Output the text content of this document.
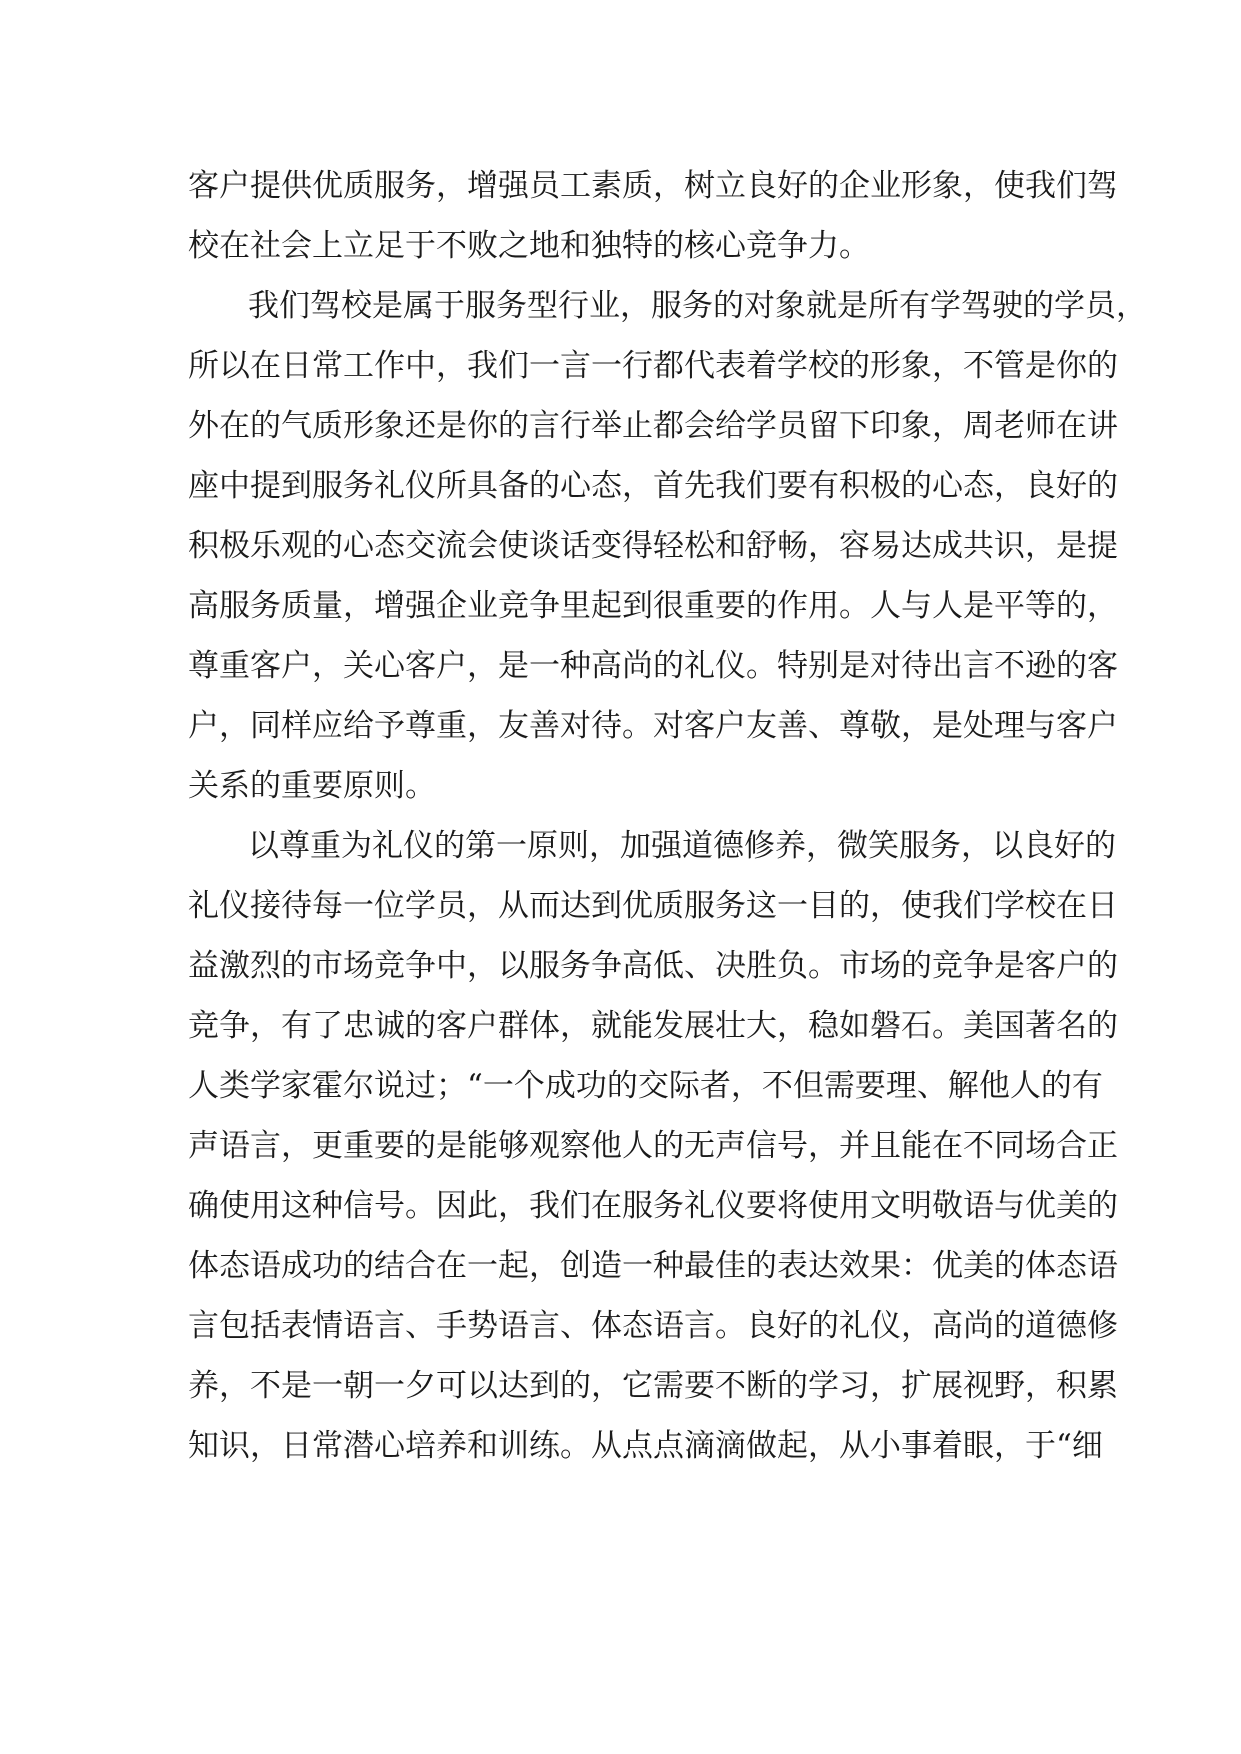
客户提供优质服务，增强员工素质，树立良好的企业形象，使我们驾
校在社会上立足于不败之地和独特的核心竞争力。
我们驾校是属于服务型行业，服务的对象就是所有学驾驶的学员，
所以在日常工作中，我们一言一行都代表着学校的形象，不管是你的
外在的气质形象还是你的言行举止都会给学员留下印象，周老师在讲
座中提到服务礼仪所具备的心态，首先我们要有积极的心态，良好的
积极乐观的心态交流会使谈话变得轻松和舒畅，容易达成共识，是提
高服务质量，增强企业竞争里起到很重要的作用。人与人是平等的，
尊重客户，关心客户，是一种高尚的礼仪。特别是对待出言不逊的客
户，同样应给予尊重，友善对待。对客户友善、尊敬，是处理与客户
关系的重要原则。
以尊重为礼仪的第一原则，加强道德修养，微笑服务，以良好的
礼仪接待每一位学员，从而达到优质服务这一目的，使我们学校在日
益激烈的市场竞争中，以服务争高低、决胜负。市场的竞争是客户的
竞争，有了忠诚的客户群体，就能发展壮大，稳如磐石。美国著名的
人类学家霍尔说过；“一个成功的交际者，不但需要理、解他人的有
声语言，更重要的是能够观察他人的无声信号，并且能在不同场合正
确使用这种信号。因此，我们在服务礼仪要将使用文明敬语与优美的
体态语成功的结合在一起，创造一种最佳的表达效果：优美的体态语
言包括表情语言、手势语言、体态语言。良好的礼仪，高尚的道德修
养，不是一朝一夕可以达到的，它需要不断的学习，扩展视野，积累
知识，日常潜心培养和训练。从点点滴滴做起，从小事着眼，于“细
